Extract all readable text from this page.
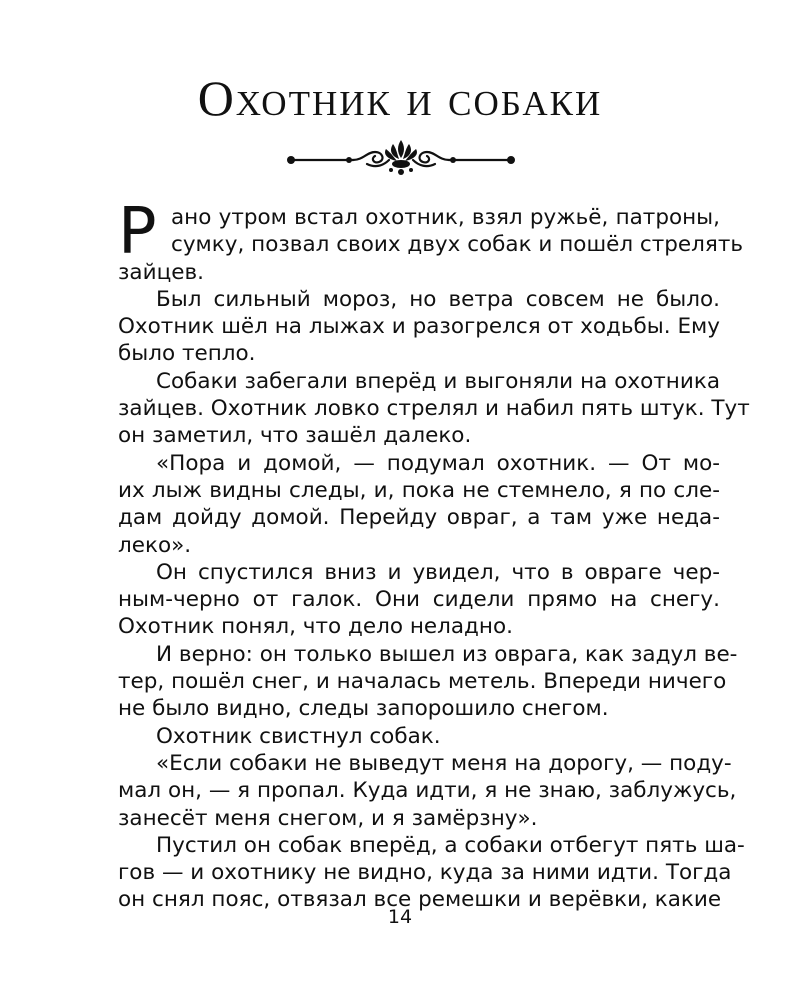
Охотник и собаки
Р ано утром встал охотник, взял ружьё, патроны,
сумку, позвал своих двух собак и пошёл стрелять
зайцев.
Был сильный мороз, но ветра совсем не было.
Охотник шёл на лыжах и разогрелся от ходьбы. Ему
было тепло.
Собаки забегали вперёд и выгоняли на охотника
зайцев. Охотник ловко стрелял и набил пять штук. Тут
он заметил, что зашёл далеко.
«Пора и домой, — подумал охотник. — От мо-
их лыж видны следы, и, пока не стемнело, я по сле-
дам дойду домой. Перейду овраг, а там уже неда-
леко».
Он спустился вниз и увидел, что в овраге чер-
ным-черно от галок. Они сидели прямо на снегу.
Охотник понял, что дело неладно.
И верно: он только вышел из оврага, как задул ве-
тер, пошёл снег, и началась метель. Впереди ничего
не было видно, следы запорошило снегом.
Охотник свистнул собак.
«Если собаки не выведут меня на дорогу, — поду-
мал он, — я пропал. Куда идти, я не знаю, заблужусь,
занесёт меня снегом, и я замёрзну».
Пустил он собак вперёд, а собаки отбегут пять ша-
гов — и охотнику не видно, куда за ними идти. Тогда
он снял пояс, отвязал все ремешки и верёвки, какие
14
